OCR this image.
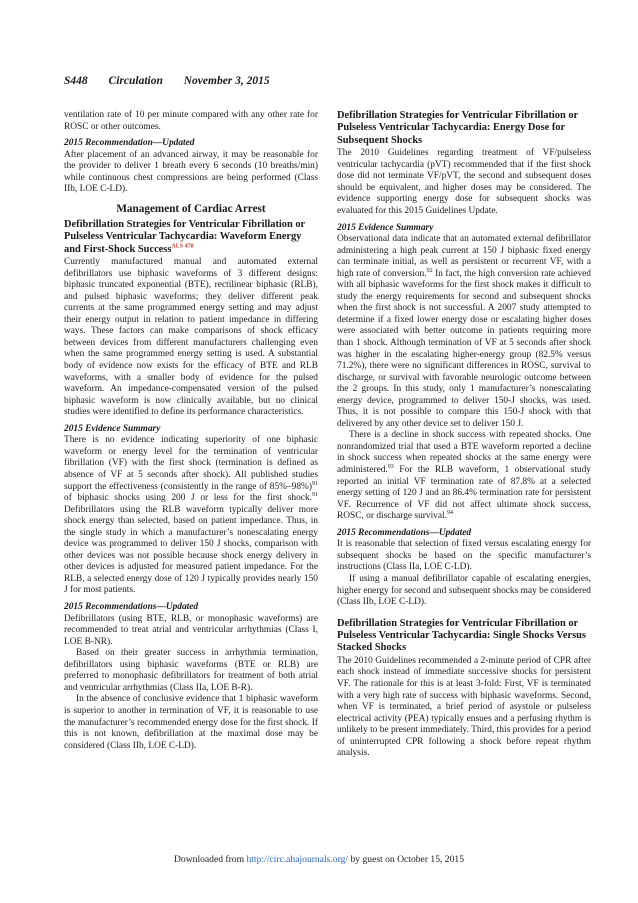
S448 Circulation November 3, 2015

ventilation rate of 10 per minute compared with any other rate for ROSC or other outcomes.

2015 Recommendation—Updated

After placement of an advanced airway, it may be reasonable for the provider to deliver 1 breath every 6 seconds (10 breaths/min) while continuous chest compressions are being performed (Class IIb, LOE C-LD).

Management of Cardiac Arrest
Defibrillation Strategies for Ventricular Fibrillation or Pulseless Ventricular Tachycardia: Waveform Energy and First-Shock Success$^{ALS 470}$

Currently manufactured manual and automated external defibrillators use biphasic waveforms of 3 different designs: biphasic truncated exponential (BTE), rectilinear biphasic (RLB), and pulsed biphasic waveforms; they deliver different peak currents at the same programmed energy setting and may adjust their energy output in relation to patient impedance in differing ways. These factors can make comparisons of shock efficacy between devices from different manufacturers challenging even when the same programmed energy setting is used. A substantial body of evidence now exists for the efficacy of BTE and RLB waveforms, with a smaller body of evidence for the pulsed waveform. An impedance-compensated version of the pulsed biphasic waveform is now clinically available, but no clinical studies were identified to define its performance characteristics.

2015 Evidence Summary

There is no evidence indicating superiority of one biphasic waveform or energy level for the termination of ventricular fibrillation (VF) with the first shock (termination is defined as absence of VF at 5 seconds after shock). All published studies support the effectiveness (consistently in the range of 85%–98%)$^{91}$ of biphasic shocks using 200 J or less for the first shock.$^{91}$ Defibrillators using the RLB waveform typically deliver more shock energy than selected, based on patient impedance. Thus, in the single study in which a manufacturer’s nonescalating energy device was programmed to deliver 150 J shocks, comparison with other devices was not possible because shock energy delivery in other devices is adjusted for measured patient impedance. For the RLB, a selected energy dose of 120 J typically provides nearly 150 J for most patients.

2015 Recommendations—Updated

Defibrillators (using BTE, RLB, or monophasic waveforms) are recommended to treat atrial and ventricular arrhythmias (Class I, LOE B-NR).

Based on their greater success in arrhythmia termination, defibrillators using biphasic waveforms (BTE or RLB) are preferred to monophasic defibrillators for treatment of both atrial and ventricular arrhythmias (Class IIa, LOE B-R).

In the absence of conclusive evidence that 1 biphasic waveform is superior to another in termination of VF, it is reasonable to use the manufacturer’s recommended energy dose for the first shock. If this is not known, defibrillation at the maximal dose may be considered (Class IIb, LOE C-LD).

Defibrillation Strategies for Ventricular Fibrillation or Pulseless Ventricular Tachycardia: Energy Dose for Subsequent Shocks

The 2010 Guidelines regarding treatment of VF/pulseless ventricular tachycardia (pVT) recommended that if the first shock dose did not terminate VF/pVT, the second and subsequent doses should be equivalent, and higher doses may be considered. The evidence supporting energy dose for subsequent shocks was evaluated for this 2015 Guidelines Update.

2015 Evidence Summary

Observational data indicate that an automated external defibrillator administering a high peak current at 150 J biphasic fixed energy can terminate initial, as well as persistent or recurrent VF, with a high rate of conversion.$^{92}$ In fact, the high conversion rate achieved with all biphasic waveforms for the first shock makes it difficult to study the energy requirements for second and subsequent shocks when the first shock is not successful. A 2007 study attempted to determine if a fixed lower energy dose or escalating higher doses were associated with better outcome in patients requiring more than 1 shock. Although termination of VF at 5 seconds after shock was higher in the escalating higher-energy group (82.5% versus 71.2%), there were no significant differences in ROSC, survival to discharge, or survival with favorable neurologic outcome between the 2 groups. In this study, only 1 manufacturer’s nonescalating energy device, programmed to deliver 150-J shocks, was used. Thus, it is not possible to compare this 150-J shock with that delivered by any other device set to deliver 150 J.

There is a decline in shock success with repeated shocks. One nonrandomized trial that used a BTE waveform reported a decline in shock success when repeated shocks at the same energy were administered.$^{93}$ For the RLB waveform, 1 observational study reported an initial VF termination rate of 87.8% at a selected energy setting of 120 J and an 86.4% termination rate for persistent VF. Recurrence of VF did not affect ultimate shock success, ROSC, or discharge survival.$^{94}$

2015 Recommendations—Updated

It is reasonable that selection of fixed versus escalating energy for subsequent shocks be based on the specific manufacturer’s instructions (Class IIa, LOE C-LD).

If using a manual defibrillator capable of escalating energies, higher energy for second and subsequent shocks may be considered (Class IIb, LOE C-LD).

Defibrillation Strategies for Ventricular Fibrillation or Pulseless Ventricular Tachycardia: Single Shocks Versus Stacked Shocks

The 2010 Guidelines recommended a 2-minute period of CPR after each shock instead of immediate successive shocks for persistent VF. The rationale for this is at least 3-fold: First, VF is terminated with a very high rate of success with biphasic waveforms. Second, when VF is terminated, a brief period of asystole or pulseless electrical activity (PEA) typically ensues and a perfusing rhythm is unlikely to be present immediately. Third, this provides for a period of uninterrupted CPR following a shock before repeat rhythm analysis.

Downloaded from http://circ.ahajournals.org/ by guest on October 15, 2015
